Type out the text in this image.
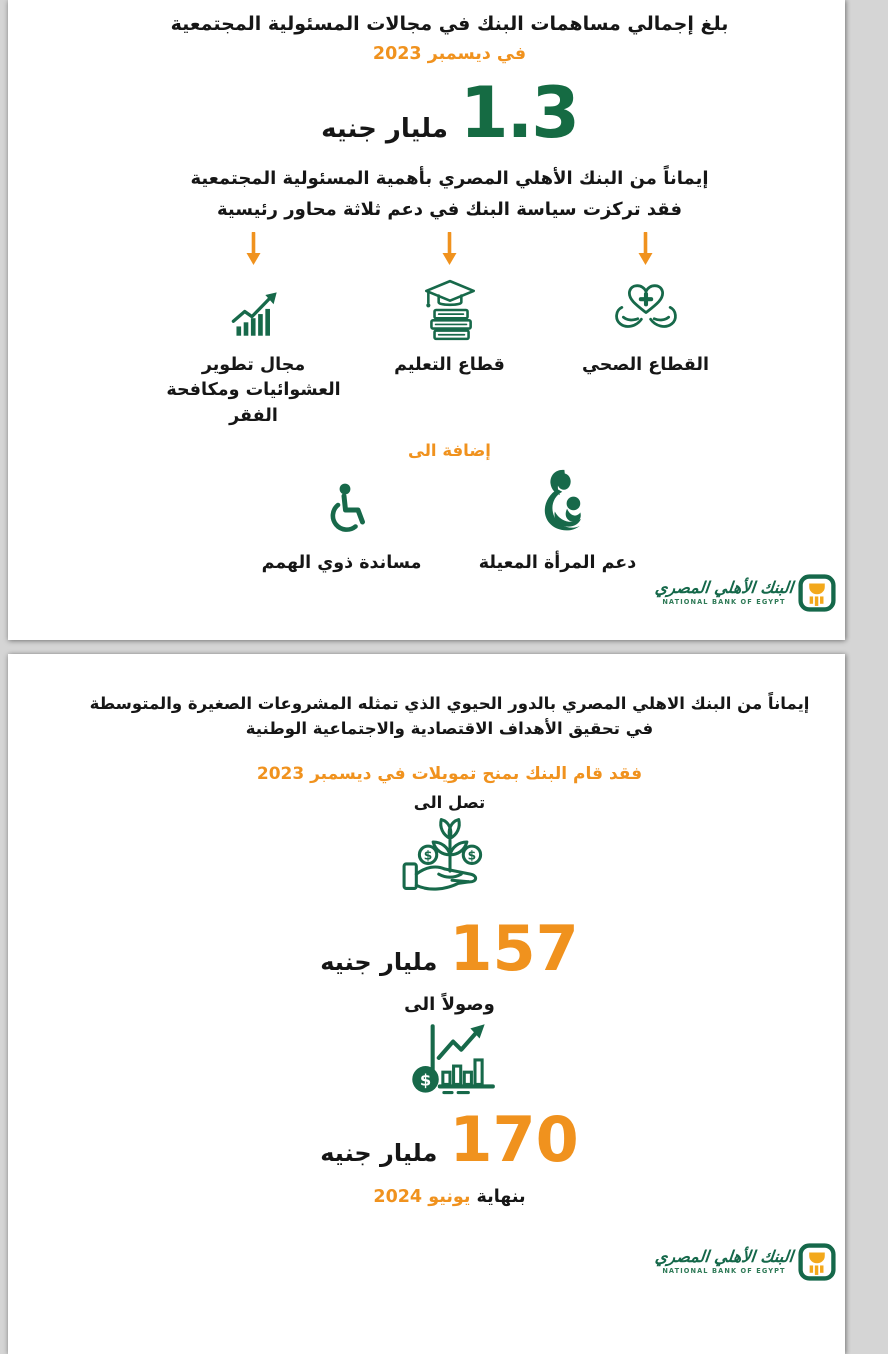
بلغ إجمالي مساهمات البنك في مجالات المسئولية المجتمعية
في ديسمبر 2023
1.3
مليار جنيه
إيماناً من البنك الأهلي المصري بأهمية المسئولية المجتمعية
فقد تركزت سياسة البنك في دعم ثلاثة محاور رئيسية
القطاع الصحي
قطاع التعليم
مجال تطوير العشوائيات ومكافحة الفقر
إضافة الى
دعم المرأة المعيلة
مساندة ذوي الهمم
البنك الأهلي المصري
NATIONAL BANK OF EGYPT
إيماناً من البنك الاهلي المصري بالدور الحيوي الذي تمثله المشروعات الصغيرة والمتوسطة
في تحقيق الأهداف الاقتصادية والاجتماعية الوطنية
فقد قام البنك بمنح تمويلات في ديسمبر 2023
تصل الى
$	$
157
مليار جنيه
وصولاً الى
$
170
مليار جنيه
بنهاية يونيو 2024
البنك الأهلي المصري
NATIONAL BANK OF EGYPT
